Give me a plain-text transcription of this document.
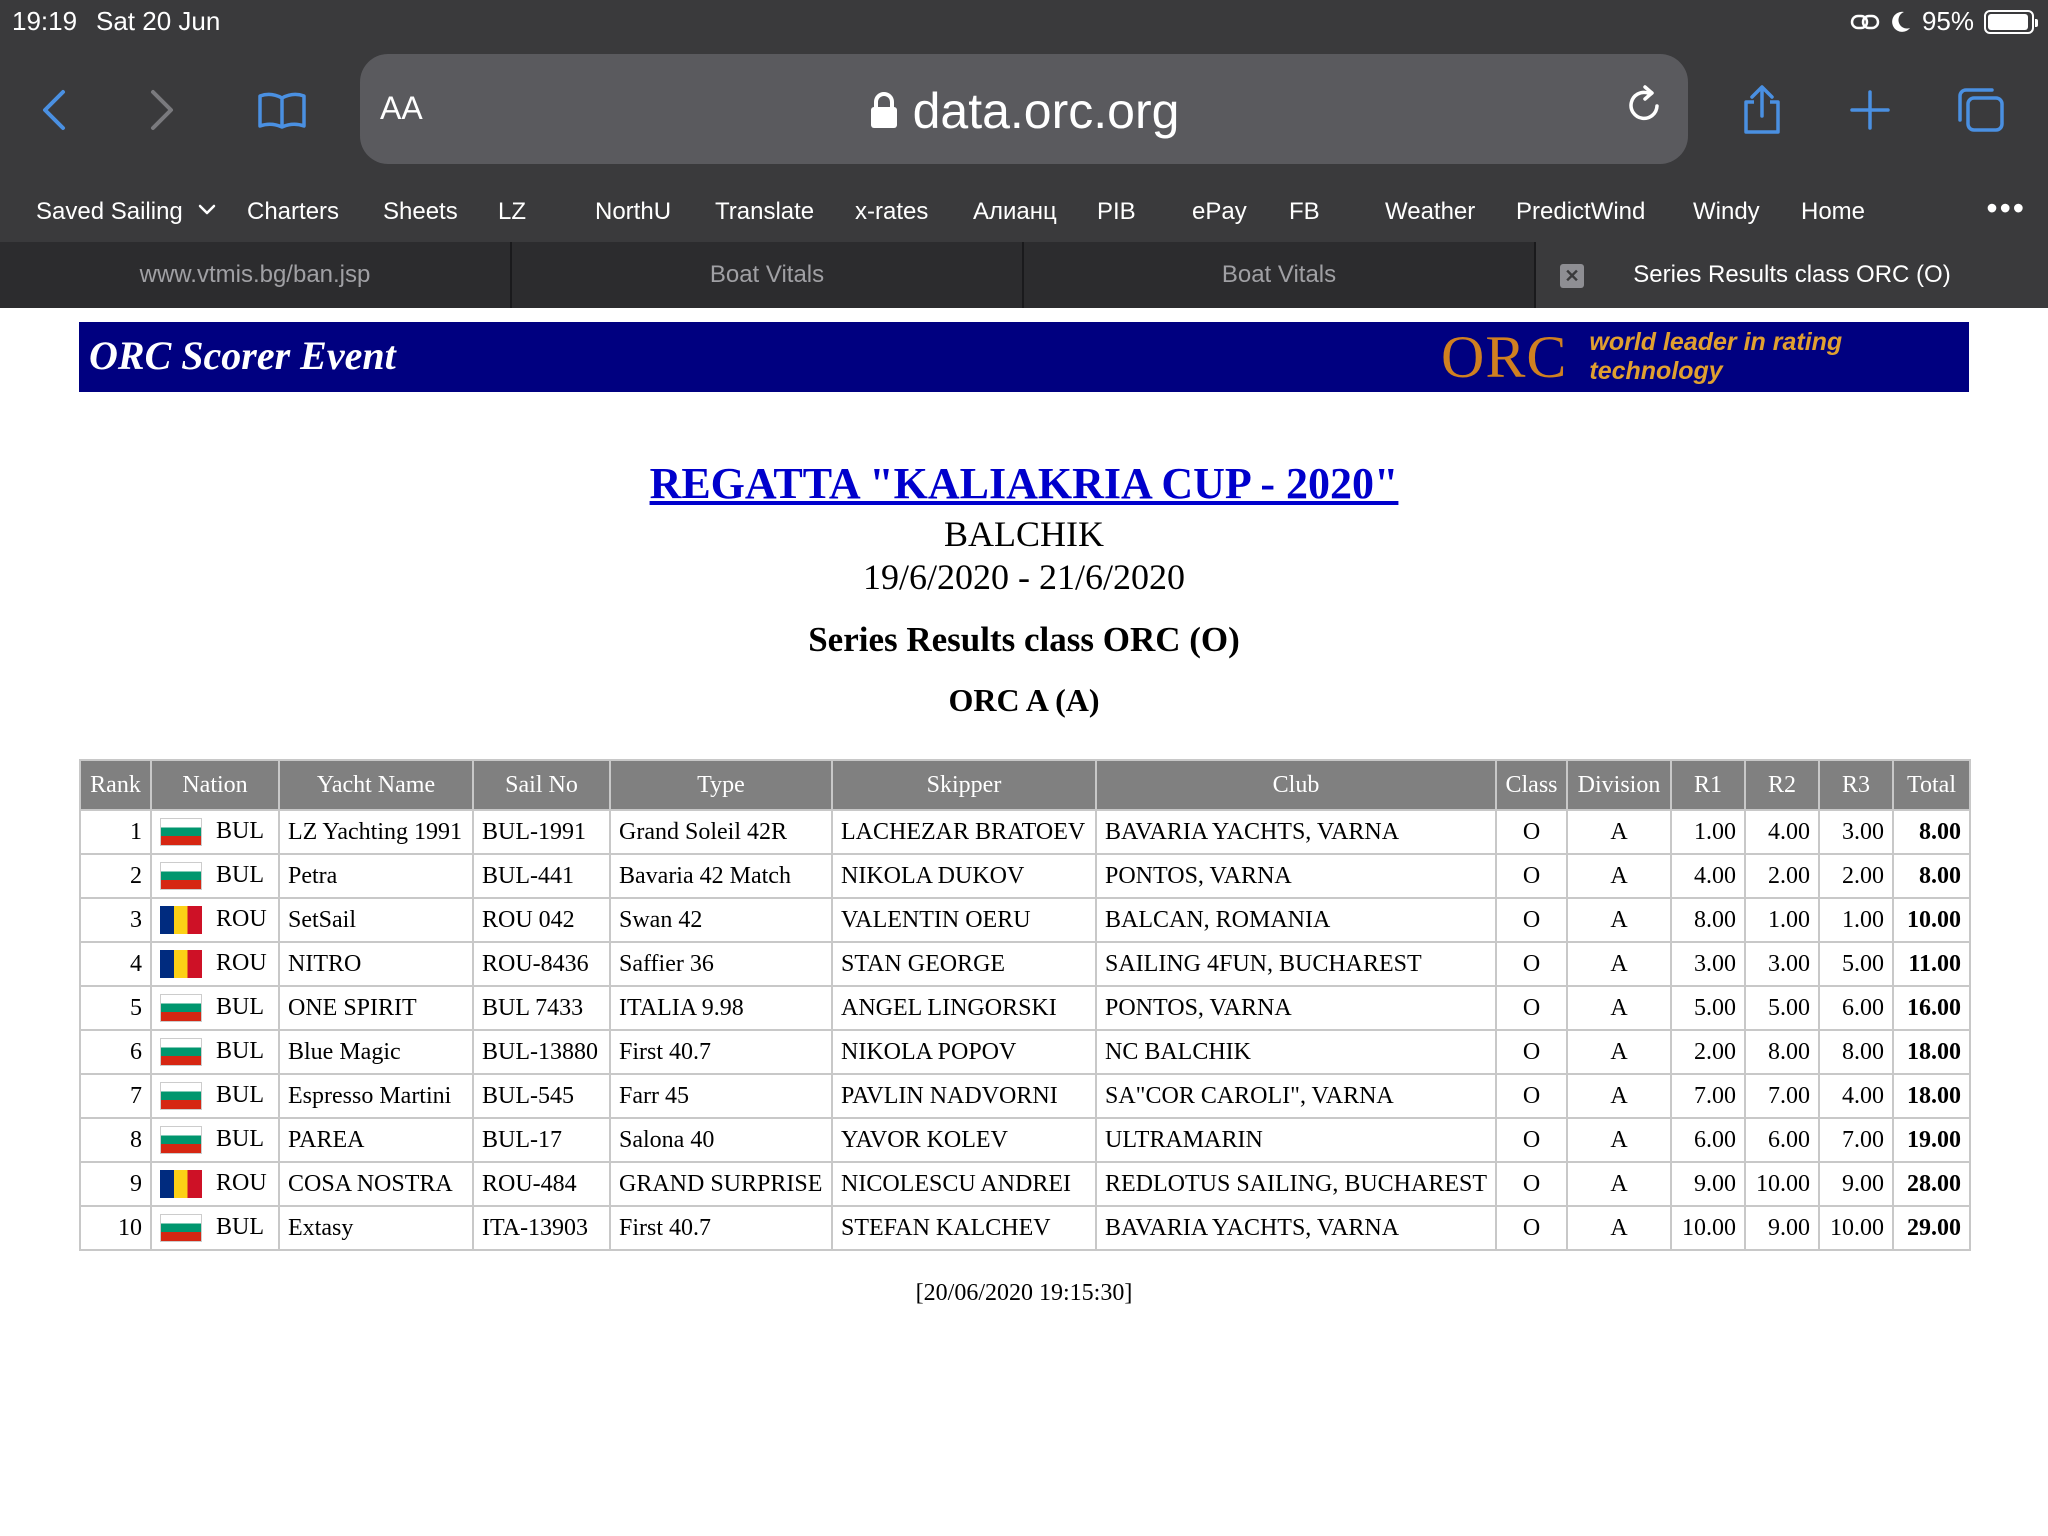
19:19 Sat 20 Jun	95%
AA	data.orc.org
Saved Sailing	Charters Sheets LZ	NorthU Translate x-rates Алианц PIB ePay FB	Weather PredictWind Windy Home	•••
www.vtmis.bg/ban.jsp	Boat Vitals	Boat Vitals	✕ Series Results class ORC (O)
ORC Scorer Event	ORC world leader in rating technology
REGATTA "KALIAKRIA CUP - 2020"
BALCHIK
19/6/2020 - 21/6/2020
Series Results class ORC (O)
ORC A (A)
Rank	Nation	Yacht Name	Sail No	Type	Skipper	Club	Class	Division	R1	R2	R3	Total
1	BUL	LZ Yachting 1991	BUL-1991	Grand Soleil 42R	LACHEZAR BRATOEV	BAVARIA YACHTS, VARNA	O	A	1.00	4.00	3.00	8.00
2	BUL	Petra	BUL-441	Bavaria 42 Match	NIKOLA DUKOV	PONTOS, VARNA	O	A	4.00	2.00	2.00	8.00
3	ROU	SetSail	ROU 042	Swan 42	VALENTIN OERU	BALCAN, ROMANIA	O	A	8.00	1.00	1.00	10.00
4	ROU	NITRO	ROU-8436	Saffier 36	STAN GEORGE	SAILING 4FUN, BUCHAREST	O	A	3.00	3.00	5.00	11.00
5	BUL	ONE SPIRIT	BUL 7433	ITALIA 9.98	ANGEL LINGORSKI	PONTOS, VARNA	O	A	5.00	5.00	6.00	16.00
6	BUL	Blue Magic	BUL-13880	First 40.7	NIKOLA POPOV	NC BALCHIK	O	A	2.00	8.00	8.00	18.00
7	BUL	Espresso Martini	BUL-545	Farr 45	PAVLIN NADVORNI	SA"COR CAROLI", VARNA	O	A	7.00	7.00	4.00	18.00
8	BUL	PAREA	BUL-17	Salona 40	YAVOR KOLEV	ULTRAMARIN	O	A	6.00	6.00	7.00	19.00
9	ROU	COSA NOSTRA	ROU-484	GRAND SURPRISE	NICOLESCU ANDREI	REDLOTUS SAILING, BUCHAREST	O	A	9.00	10.00	9.00	28.00
10	BUL	Extasy	ITA-13903	First 40.7	STEFAN KALCHEV	BAVARIA YACHTS, VARNA	O	A	10.00	9.00	10.00	29.00
[20/06/2020 19:15:30]
